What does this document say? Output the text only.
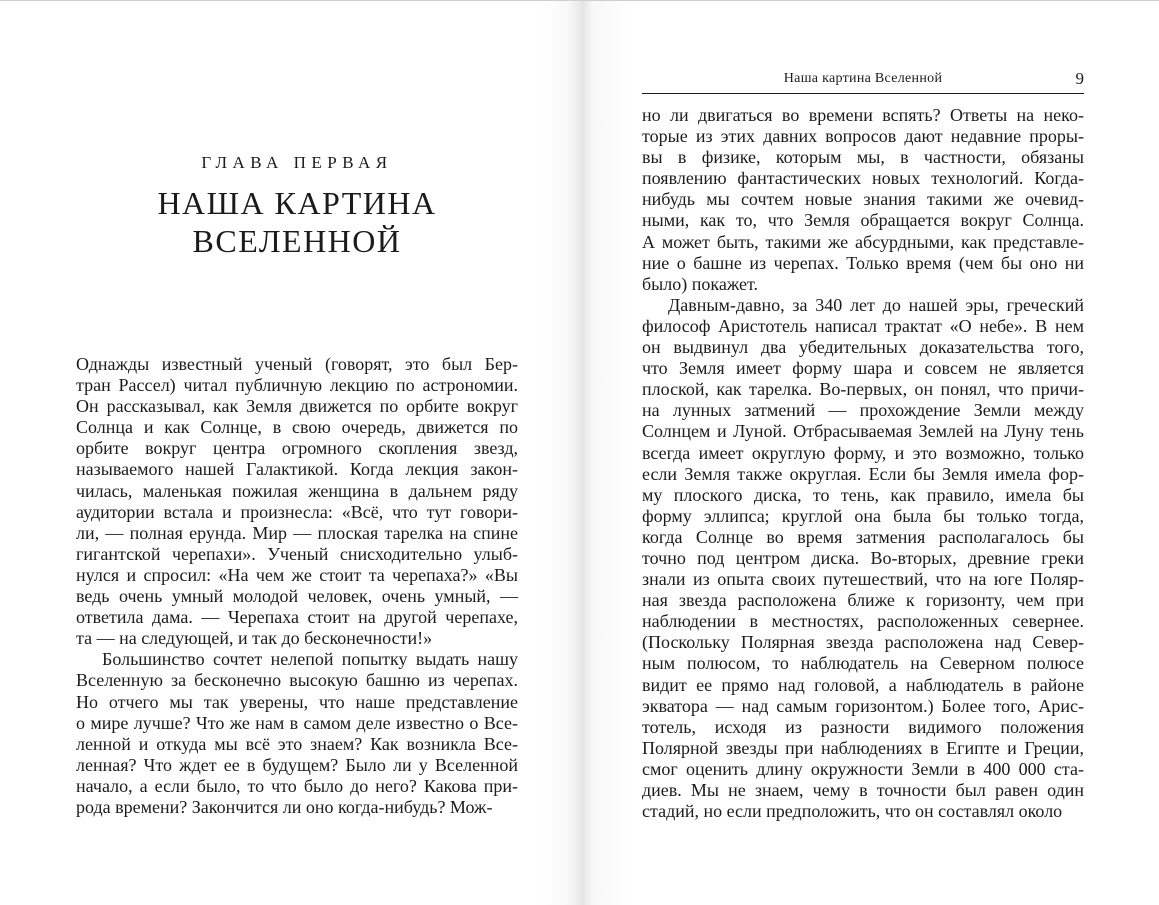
ГЛАВА ПЕРВАЯ
НАША КАРТИНА
ВСЕЛЕННОЙ
Однажды известный ученый (говорят, это был Бер-
тран Рассел) читал публичную лекцию по астрономии.
Он рассказывал, как Земля движется по орбите вокруг
Солнца и как Солнце, в свою очередь, движется по
орбите вокруг центра огромного скопления звезд,
называемого нашей Галактикой. Когда лекция закон-
чилась, маленькая пожилая женщина в дальнем ряду
аудитории встала и произнесла: «Всё, что тут говори-
ли, — полная ерунда. Мир — плоская тарелка на спине
гигантской черепахи». Ученый снисходительно улыб-
нулся и спросил: «На чем же стоит та черепаха?» «Вы
ведь очень умный молодой человек, очень умный, —
ответила дама. — Черепаха стоит на другой черепахе,
та — на следующей, и так до бесконечности!»
Большинство сочтет нелепой попытку выдать нашу
Вселенную за бесконечно высокую башню из черепах.
Но отчего мы так уверены, что наше представление
о мире лучше? Что же нам в самом деле известно о Все-
ленной и откуда мы всё это знаем? Как возникла Все-
ленная? Что ждет ее в будущем? Было ли у Вселенной
начало, а если было, то что было до него? Какова при-
рода времени? Закончится ли оно когда-нибудь? Мож-
Наша картина Вселенной	9
но ли двигаться во времени вспять? Ответы на неко-
торые из этих давних вопросов дают недавние проры-
вы в физике, которым мы, в частности, обязаны
появлению фантастических новых технологий. Когда-
нибудь мы сочтем новые знания такими же очевид-
ными, как то, что Земля обращается вокруг Солнца.
А может быть, такими же абсурдными, как представле-
ние о башне из черепах. Только время (чем бы оно ни
было) покажет.
Давным-давно, за 340 лет до нашей эры, греческий
философ Аристотель написал трактат «О небе». В нем
он выдвинул два убедительных доказательства того,
что Земля имеет форму шара и совсем не является
плоской, как тарелка. Во-первых, он понял, что причи-
на лунных затмений — прохождение Земли между
Солнцем и Луной. Отбрасываемая Землей на Луну тень
всегда имеет округлую форму, и это возможно, только
если Земля также округлая. Если бы Земля имела фор-
му плоского диска, то тень, как правило, имела бы
форму эллипса; круглой она была бы только тогда,
когда Солнце во время затмения располагалось бы
точно под центром диска. Во-вторых, древние греки
знали из опыта своих путешествий, что на юге Поляр-
ная звезда расположена ближе к горизонту, чем при
наблюдении в местностях, расположенных севернее.
(Поскольку Полярная звезда расположена над Север-
ным полюсом, то наблюдатель на Северном полюсе
видит ее прямо над головой, а наблюдатель в районе
экватора — над самым горизонтом.) Более того, Арис-
тотель, исходя из разности видимого положения
Полярной звезды при наблюдениях в Египте и Греции,
смог оценить длину окружности Земли в 400 000 ста-
диев. Мы не знаем, чему в точности был равен один
стадий, но если предположить, что он составлял около
